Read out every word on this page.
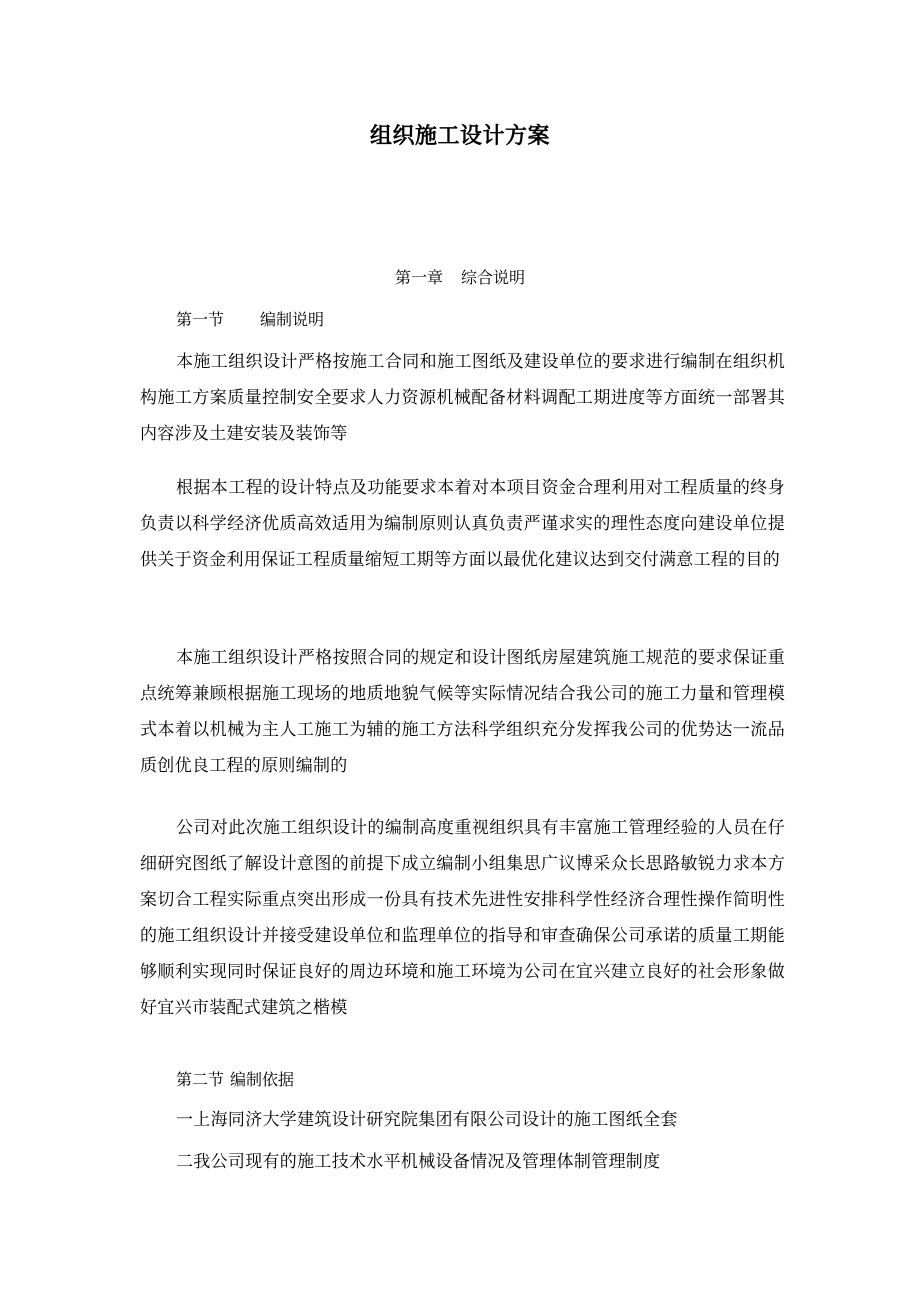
组织施工设计方案
第一章 综合说明
第一节 编制说明
本施工组织设计严格按施工合同和施工图纸及建设单位的要求进行编制在组织机构施工方案质量控制安全要求人力资源机械配备材料调配工期进度等方面统一部署其内容涉及土建安装及装饰等
根据本工程的设计特点及功能要求本着对本项目资金合理利用对工程质量的终身负责以科学经济优质高效适用为编制原则认真负责严谨求实的理性态度向建设单位提供关于资金利用保证工程质量缩短工期等方面以最优化建议达到交付满意工程的目的
本施工组织设计严格按照合同的规定和设计图纸房屋建筑施工规范的要求保证重点统筹兼顾根据施工现场的地质地貌气候等实际情况结合我公司的施工力量和管理模式本着以机械为主人工施工为辅的施工方法科学组织充分发挥我公司的优势达一流品质创优良工程的原则编制的
公司对此次施工组织设计的编制高度重视组织具有丰富施工管理经验的人员在仔细研究图纸了解设计意图的前提下成立编制小组集思广议博采众长思路敏锐力求本方案切合工程实际重点突出形成一份具有技术先进性安排科学性经济合理性操作简明性的施工组织设计并接受建设单位和监理单位的指导和审查确保公司承诺的质量工期能够顺利实现同时保证良好的周边环境和施工环境为公司在宜兴建立良好的社会形象做好宜兴市装配式建筑之楷模
第二节 编制依据
一上海同济大学建筑设计研究院集团有限公司设计的施工图纸全套
二我公司现有的施工技术水平机械设备情况及管理体制管理制度
